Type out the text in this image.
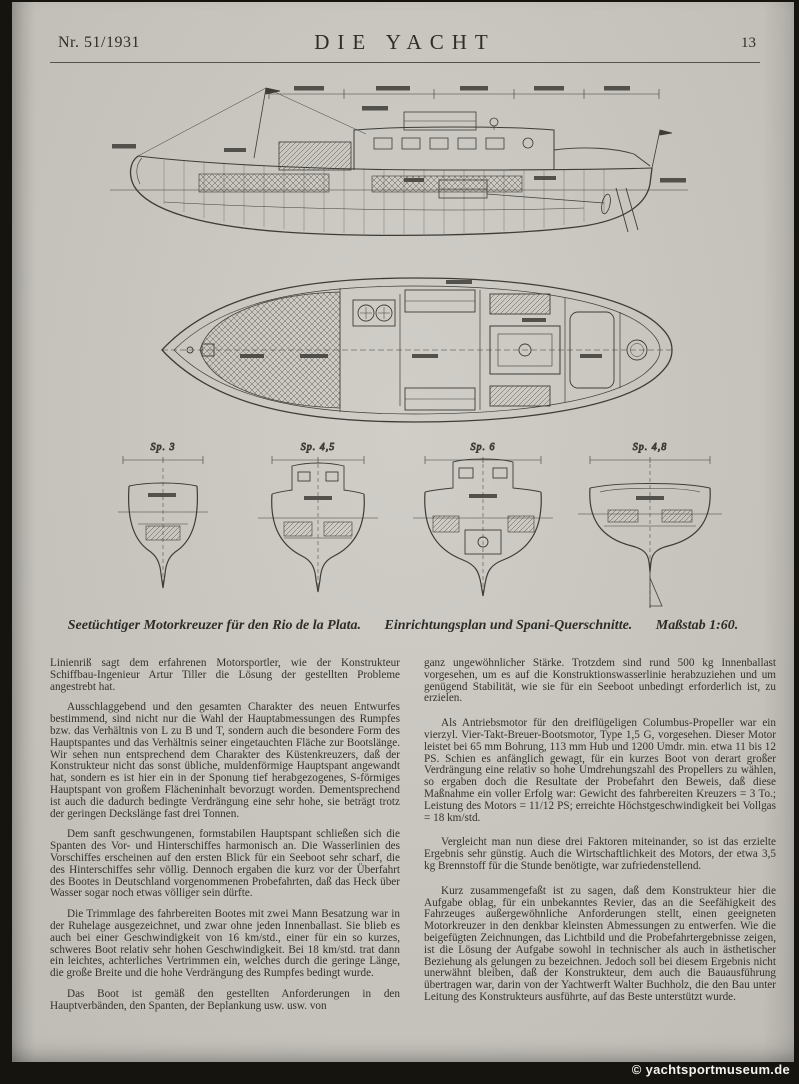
Nr. 51/1931	DIE YACHT	13
Sp. 3	Sp. 4,5	Sp. 6	Sp. 4,8
Seetüchtiger Motorkreuzer für den Rio de la Plata. Einrichtungsplan und Spani-Querschnitte. Maßstab 1:60.

Linienriß sagt dem erfahrenen Motorsportler, wie der Konstrukteur Schiffbau-Ingenieur Artur Tiller die Lösung der gestellten Probleme angestrebt hat.

Ausschlaggebend und den gesamten Charakter des neuen Entwurfes bestimmend, sind nicht nur die Wahl der Hauptabmessungen des Rumpfes bzw. das Verhältnis von L zu B und T, sondern auch die besondere Form des Hauptspantes und das Verhältnis seiner eingetauchten Fläche zur Bootslänge. Wir sehen nun entsprechend dem Charakter des Küstenkreuzers, daß der Konstrukteur nicht das sonst übliche, muldenförmige Hauptspant angewandt hat, sondern es ist hier ein in der Sponung tief herabgezogenes, S-förmiges Hauptspant von großem Flächeninhalt bevorzugt worden. Dementsprechend ist auch die dadurch bedingte Verdrängung eine sehr hohe, sie beträgt trotz der geringen Deckslänge fast drei Tonnen.

Dem sanft geschwungenen, formstabilen Hauptspant schließen sich die Spanten des Vor- und Hinterschiffes harmonisch an. Die Wasserlinien des Vorschiffes erscheinen auf den ersten Blick für ein Seeboot sehr scharf, die des Hinterschiffes sehr völlig. Dennoch ergaben die kurz vor der Überfahrt des Bootes in Deutschland vorgenommenen Probefahrten, daß das Heck über Wasser sogar noch etwas völliger sein dürfte.

Die Trimmlage des fahrbereiten Bootes mit zwei Mann Besatzung war in der Ruhelage ausgezeichnet, und zwar ohne jeden Innenballast. Sie blieb es auch bei einer Geschwindigkeit von 16 km/std., einer für ein so kurzes, schweres Boot relativ sehr hohen Geschwindigkeit. Bei 18 km/std. trat dann ein leichtes, achterliches Vertrimmen ein, welches durch die geringe Länge, die große Breite und die hohe Verdrängung des Rumpfes bedingt wurde.

Das Boot ist gemäß den gestellten Anforderungen in den Hauptverbänden, den Spanten, der Beplankung usw. usw. von

ganz ungewöhnlicher Stärke. Trotzdem sind rund 500 kg Innenballast vorgesehen, um es auf die Konstruktionswasserlinie herabzuziehen und um genügend Stabilität, wie sie für ein Seeboot unbedingt erforderlich ist, zu erzielen.

Als Antriebsmotor für den dreiflügeligen Columbus-Propeller war ein vierzyl. Vier-Takt-Breuer-Bootsmotor, Type 1,5 G, vorgesehen. Dieser Motor leistet bei 65 mm Bohrung, 113 mm Hub und 1200 Umdr. min. etwa 11 bis 12 PS. Schien es anfänglich gewagt, für ein kurzes Boot von derart großer Verdrängung eine relativ so hohe Umdrehungszahl des Propellers zu wählen, so ergaben doch die Resultate der Probefahrt den Beweis, daß diese Maßnahme ein voller Erfolg war: Gewicht des fahrbereiten Kreuzers = 3 To.; Leistung des Motors = 11/12 PS; erreichte Höchstgeschwindigkeit bei Vollgas = 18 km/std.

Vergleicht man nun diese drei Faktoren miteinander, so ist das erzielte Ergebnis sehr günstig. Auch die Wirtschaftlichkeit des Motors, der etwa 3,5 kg Brennstoff für die Stunde benötigte, war zufriedenstellend.

Kurz zusammengefaßt ist zu sagen, daß dem Konstrukteur hier die Aufgabe oblag, für ein unbekanntes Revier, das an die Seefähigkeit des Fahrzeuges außergewöhnliche Anforderungen stellt, einen geeigneten Motorkreuzer in den denkbar kleinsten Abmessungen zu entwerfen. Wie die beigefügten Zeichnungen, das Lichtbild und die Probefahrtergebnisse zeigen, ist die Lösung der Aufgabe sowohl in technischer als auch in ästhetischer Beziehung als gelungen zu bezeichnen. Jedoch soll bei diesem Ergebnis nicht unerwähnt bleiben, daß der Konstrukteur, dem auch die Bauausführung übertragen war, darin von der Yachtwerft Walter Buchholz, die den Bau unter Leitung des Konstrukteurs ausführte, auf das Beste unterstützt wurde.

© yachtsportmuseum.de
